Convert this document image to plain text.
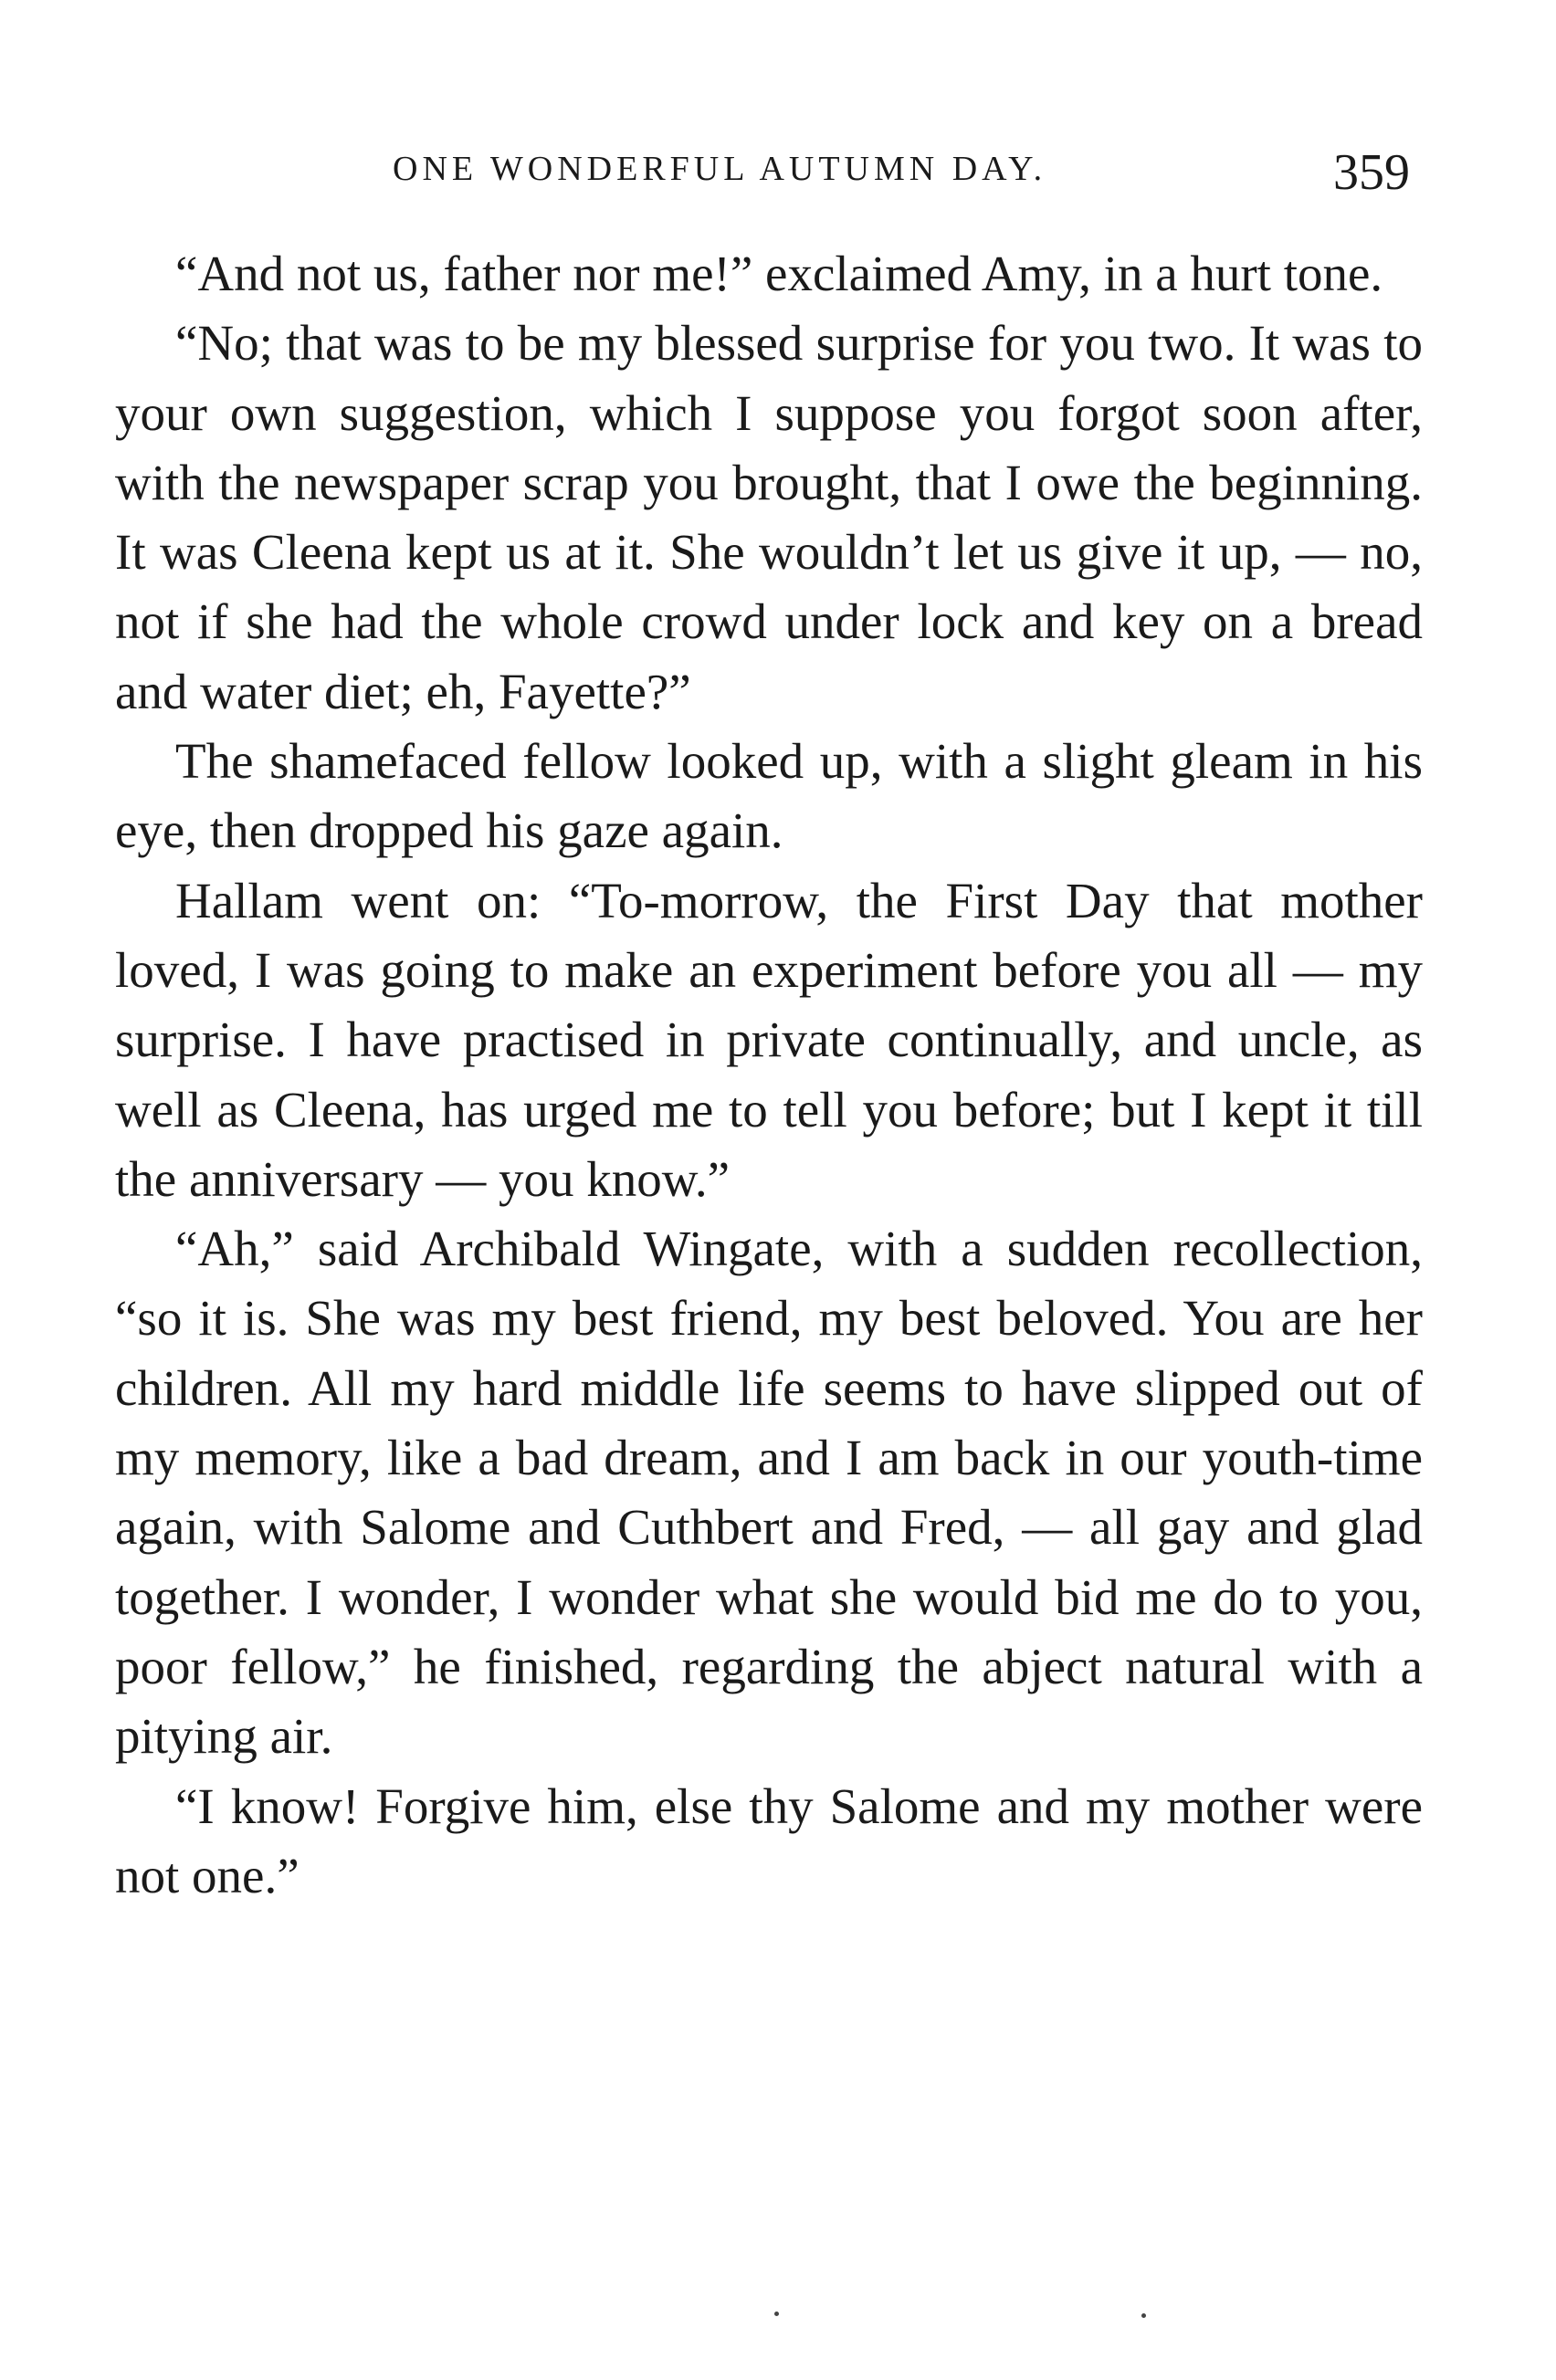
ONE WONDERFUL AUTUMN DAY.	359

“And not us, father nor me!” exclaimed Amy, in a hurt tone.

“No; that was to be my blessed surprise for you two. It was to your own suggestion, which I suppose you forgot soon after, with the newspaper scrap you brought, that I owe the beginning. It was Cleena kept us at it. She wouldn’t let us give it up, — no, not if she had the whole crowd under lock and key on a bread and water diet; eh, Fayette?”

The shamefaced fellow looked up, with a slight gleam in his eye, then dropped his gaze again.

Hallam went on: “To-morrow, the First Day that mother loved, I was going to make an experiment before you all — my surprise. I have practised in private continually, and uncle, as well as Cleena, has urged me to tell you before; but I kept it till the anniversary — you know.”

“Ah,” said Archibald Wingate, with a sudden recollection, “so it is. She was my best friend, my best beloved. You are her children. All my hard middle life seems to have slipped out of my memory, like a bad dream, and I am back in our youth-time again, with Salome and Cuthbert and Fred, — all gay and glad together. I wonder, I wonder what she would bid me do to you, poor fellow,” he finished, regarding the abject natural with a pitying air.

“I know! Forgive him, else thy Salome and my mother were not one.”
